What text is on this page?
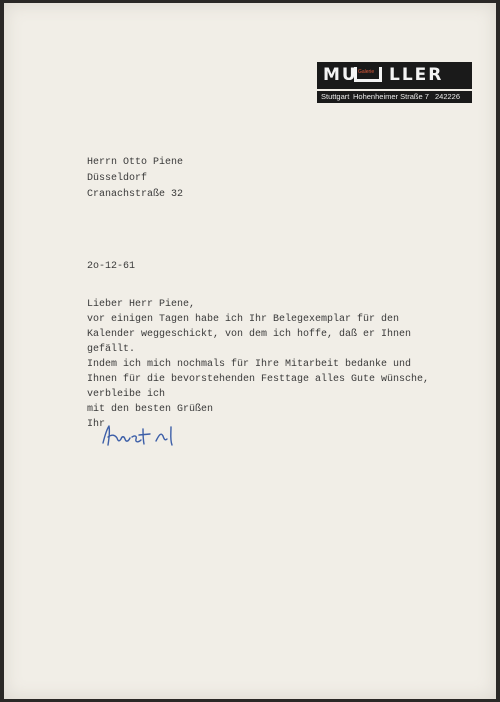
MU Galerie LLER
Stuttgart Hohenheimer Straße 7 242226
Herrn Otto Piene
Düsseldorf
Cranachstraße 32
2o-12-61
Lieber Herr Piene,
vor einigen Tagen habe ich Ihr Belegexemplar für den
Kalender weggeschickt, von dem ich hoffe, daß er Ihnen
gefällt.
Indem ich mich nochmals für Ihre Mitarbeit bedanke und
Ihnen für die bevorstehenden Festtage alles Gute wünsche,
verbleibe ich
mit den besten Grüßen
Ihr
